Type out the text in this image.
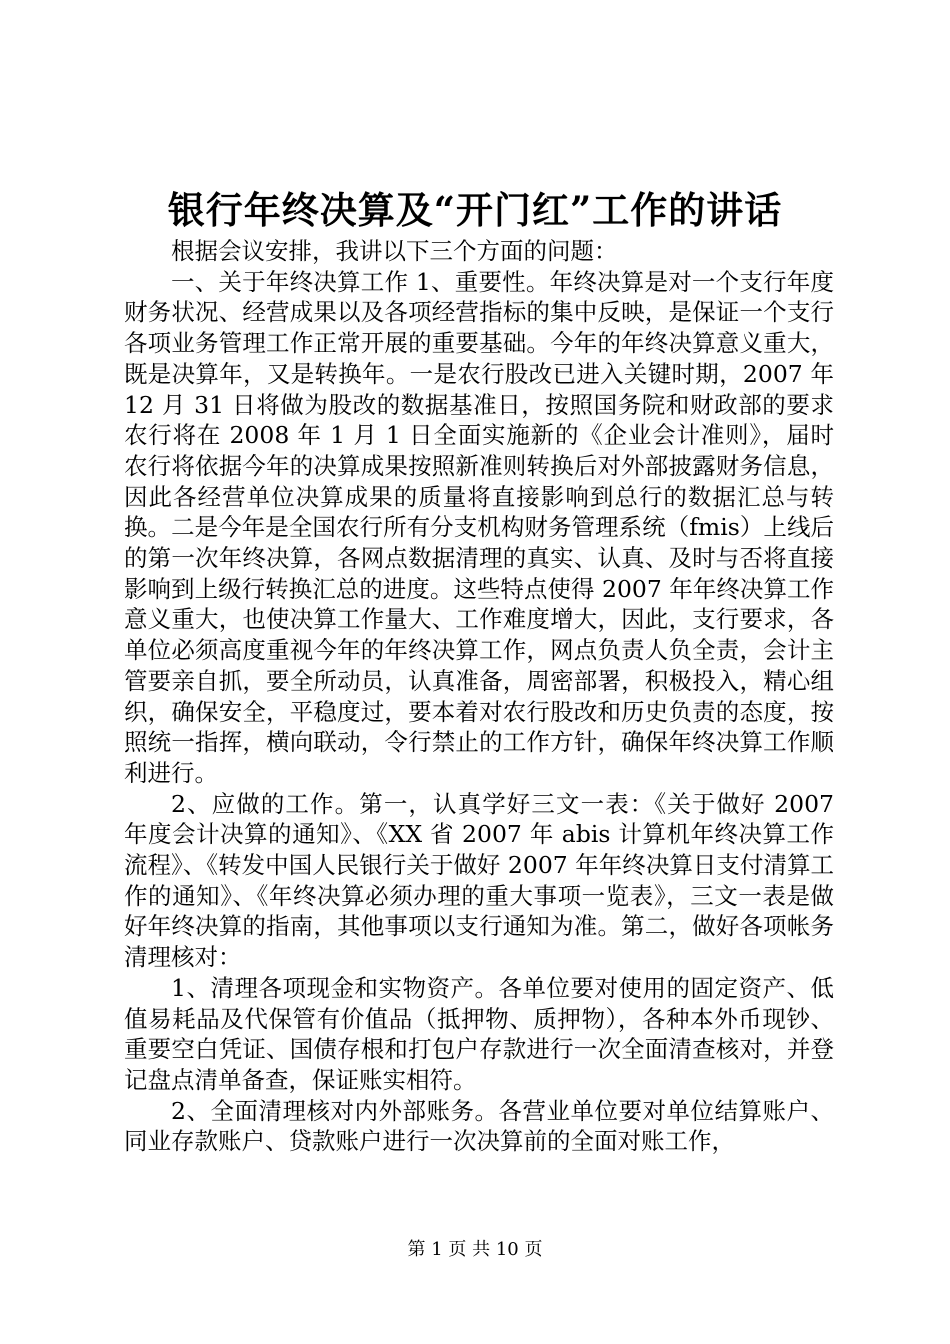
银行年终决算及“开门红”工作的讲话

根据会议安排，我讲以下三个方面的问题：

一、关于年终决算工作 1、重要性。年终决算是对一个支行年度财务状况、经营成果以及各项经营指标的集中反映，是保证一个支行各项业务管理工作正常开展的重要基础。今年的年终决算意义重大，既是决算年，又是转换年。一是农行股改已进入关键时期，2007 年 12 月 31 日将做为股改的数据基准日，按照国务院和财政部的要求农行将在 2008 年 1 月 1 日全面实施新的《企业会计准则》，届时农行将依据今年的决算成果按照新准则转换后对外部披露财务信息，因此各经营单位决算成果的质量将直接影响到总行的数据汇总与转换。二是今年是全国农行所有分支机构财务管理系统（fmis）上线后的第一次年终决算，各网点数据清理的真实、认真、及时与否将直接影响到上级行转换汇总的进度。这些特点使得 2007 年年终决算工作意义重大，也使决算工作量大、工作难度增大，因此，支行要求，各单位必须高度重视今年的年终决算工作，网点负责人负全责，会计主管要亲自抓，要全所动员，认真准备，周密部署，积极投入，精心组织，确保安全，平稳度过，要本着对农行股改和历史负责的态度，按照统一指挥，横向联动，令行禁止的工作方针，确保年终决算工作顺利进行。

2、应做的工作。第一，认真学好三文一表：《关于做好 2007 年度会计决算的通知》、《XX 省 2007 年 abis 计算机年终决算工作流程》、《转发中国人民银行关于做好 2007 年年终决算日支付清算工作的通知》、《年终决算必须办理的重大事项一览表》，三文一表是做好年终决算的指南，其他事项以支行通知为准。第二，做好各项帐务清理核对：

1、清理各项现金和实物资产。各单位要对使用的固定资产、低值易耗品及代保管有价值品（抵押物、质押物），各种本外币现钞、重要空白凭证、国债存根和打包户存款进行一次全面清查核对，并登记盘点清单备查，保证账实相符。

2、全面清理核对内外部账务。各营业单位要对单位结算账户、同业存款账户、贷款账户进行一次决算前的全面对账工作，

第 1 页 共 10 页
